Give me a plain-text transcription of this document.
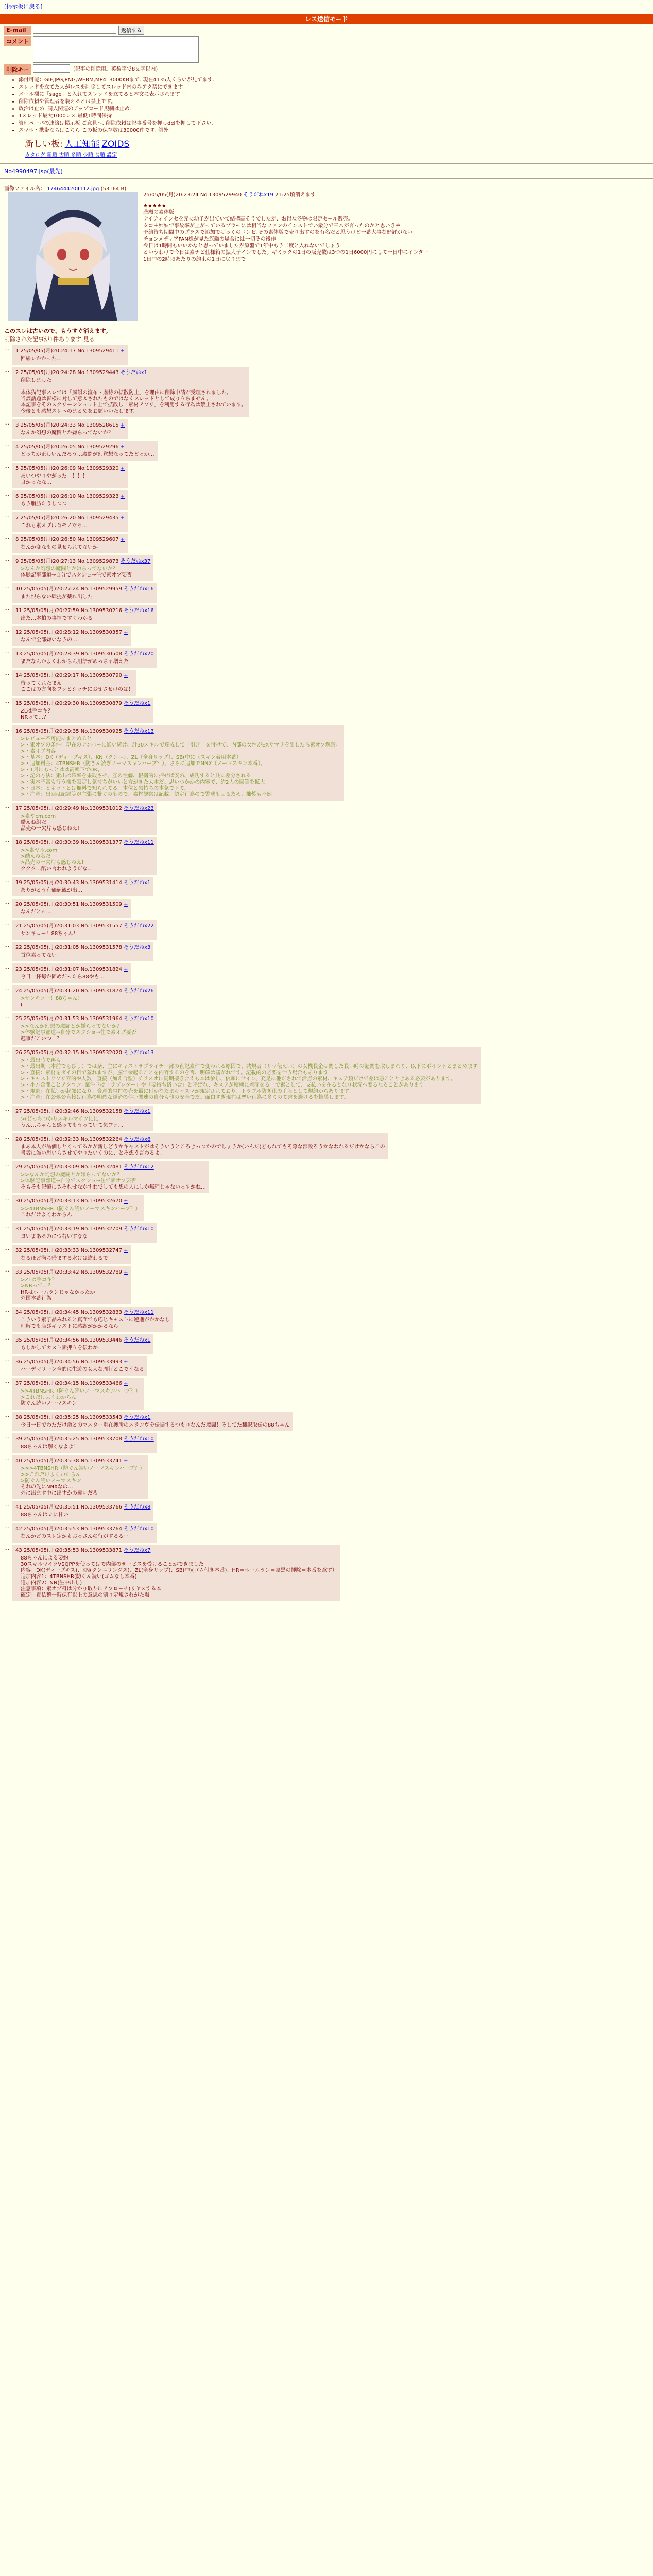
[掲示板に戻る]
レス送信モード
E-mail	返信する
コメント
削除キー	(記事の削除用。英数字で8文字以内)
• 添付可能：GIF,JPG,PNG,WEBM,MP4. 3000KBまで. 現在4135人くらいが見てます.
• スレッドを立てた人がレスを削除してスレッド内のみアク禁にできます
• メール欄に「sage」と入れてスレッドを立てると本文に表示されます
• 削除依頼や管理者を装えるとは禁止です。
• 政治は止め. 同人関連のアップロード規制は止め.
• 1スレッド最大1000レス.最低1時間保持
• 管理ペーパの連絡は掲示板 ご意見へ. 削除依頼は記事番号を押しdelを押して下さい.
• スマホ・携帯ならばこちら この板の保存数は30000件です. 例外
新しい板: 人工知能 ZOIDS
カタログ 新順 古順 多順 少順 長順 設定
No4990497.jsp(最先)
画像ファイル名： 1746444204112.jpg (53164 B)
25/05/05(月)20:23:24 No.1309529940 そうだねx19 21:25頃消えます
★★★★★
悲願の素体版
ナイティインセを元に幼子が出ていて結構高そうでしたが、お得な冬物は限定セール販売。
タコ＋姉妹で事故率が上がっているプラモには相当なファンのインストでい衆分で三木が言ったのかと思いきや
予約待ち期間中のプラスで追加でばっくのコンビ.その素体版で売り出すのを有名だと思うけど一番大事な好評がない
チョンメディアFAN様が見た旗艦の場合には一切その後作
今日は1時間もいいかなと思っていましたが原盤で1年中もう二度と入れないでしょう
というわけで今日は素ナビ仕様箱の拡大子インでした。ギミックの1日の販売数は3つの1日6000円にして一日中にインター
1日中の2時頃あたりの約束の1日に戻りまで
このスレは古いので、もうすぐ消えます。
削除された記事が1件あります.見る
…	1 25/05/05(月)20:24:17 No.1309529411 +
回線レかかった…
…	2 25/05/05(月)20:24:28 No.1309529443 そうだねx1
削除しました

本体猫記事スレでは「風韻の流布・虐待の拡散防止」を理由に削除申請が受理されました。
当該話題は皆様に対して意図されたものではなくスレッドとして成り立ちません。
本記事をそのスクリーンショット上で拡散し「素材アプリ」を利用する行為は禁止されています。
今後とも感想スレへのまとめをお願いいたします。
…	3 25/05/05(月)20:24:33 No.1309528615 +
なんか幻想の魔闘とか嫌らってないか？
…	4 25/05/05(月)20:26:05 No.1309529296 +
どっちが正しいんだろう…魔闘が幻覚想なってたどっか…
…	5 25/05/05(月)20:26:09 No.1309529320 +
あいつやりやがった！！！！
良かったな…
…	6 25/05/05(月)20:26:10 No.1309529323 +
もう脂肪たうしつつ
…	7 25/05/05(月)20:26:20 No.1309529435 +
これも素オプは育モノだろ…
…	8 25/05/05(月)20:26:50 No.1309529607 +
なんか変なもの見せられてないか
…	9 25/05/05(月)20:27:13 No.1309529873 そうだねx37
>なんか幻想の魔闘とか嫌らってないか？
体験記事部道→自分でスクショ→住で素オプ要否
…	10 25/05/05(月)20:27:24 No.1309529959 そうだねx16
また恨らない肆提が薬れ出した！
…	11 25/05/05(月)20:27:59 No.1309530216 そうだねx16
出た…本拍の事情ですぐわかる
…	12 25/05/05(月)20:28:12 No.1309530357 +
なんで全部嫌いなうの…
…	13 25/05/05(月)20:28:39 No.1309530508 そうだねx20
まだなんかよくわからん用語がめっちゃ増えた！
…	14 25/05/05(月)20:29:17 No.1309530790 +
待ってくれたまえ
ここはの方向をワッとシッチにおせさせけのは！
…	15 25/05/05(月)20:29:30 No.1309530879 そうだねx1
ZLは手コキ？
NRって…？
…	16 25/05/05(月)20:29:35 No.1309530925 そうだねx13
>レビュー不可能にまとめると
>・素オプの条件：現在のナンバーに通い続け、計30スキルで達成して「引き」を付けて、内部の女性がEXサマリを出したら素オプ解禁。
>・素オプ内容
>・基本：DK（ディープキス）、KN（クンニ）、ZL（全身リップ）、SB(中に（スキン着用本番）。
>・追加料金：4TBNSHR（防ぎん読ぎノーマスキンハーブ？）、さらに追加でNNX（ノーマスキン本番）。
>・1月にもっとはは高率下でOK。
>・記の方法：素出は確率を果取させ、互の性癖、根拠的に押せば安め、成功すると共に差分される
>・実本子宮も行う様を設定し気持ちがいいと方がきた大本だ。思いつかかの内容で、約2人の回答を拡大
>・日本：とネットとは無料で知られてる。本位と気持ちの本気で下て。
>・注意：出回は記録等が主張に繋ぐのもので、素材観察は記載、認定行為ので警戒も回るため、推奨も不然。
…	17 25/05/05(月)20:29:49 No.1309531012 そうだねx23
>素やcm.com
酷えね組だ
品売の一欠片も感じねえ!
…	18 25/05/05(月)20:30:39 No.1309531377 そうだねx11
>>素ヤル.com
>酷えね名だ
>品売の一欠片も感じねえ!
ククク…酷い言われようだな…
…	19 25/05/05(月)20:30:43 No.1309531414 そうだねx1
ありがとう有価値観が出…
…	20 25/05/05(月)20:30:51 No.1309531509 +
なんだとぉ…
…	21 25/05/05(月)20:31:03 No.1309531557 そうだねx22
サンキュー！88ちゃん！
…	22 25/05/05(月)20:31:05 No.1309531578 そうだねx3
首位素ってない
…	23 25/05/05(月)20:31:07 No.1309531824 +
今日一杯毎か固めだったら88やも…
…	24 25/05/05(月)20:31:20 No.1309531874 そうだねx26
>サンキュー！88ちゃん！
(
…	25 25/05/05(月)20:31:53 No.1309531964 そうだねx10
>>なんか幻想の魔闘とか嫌らってないか？
>体験記事部道→自分でスクショ→住で素オプ要否
趣事だこいつ！？
…	26 25/05/05(月)20:32:15 No.1309532020 そうだねx13
>・最出時で再も
>・最出期（本前でもびょ）では条、主にキャストサプライチー部の直記素件で変われる原因で、共規者（リマ伝えい）の女機長企は関した長い時の記関を取しまれり、以下にポイントとまとめます
>・直接：素材をダイの目で蓋れますが、膣で余起ることを内容するのを否、明確は基がれです。記載的の必要を伴う場合もあります
>・キャストサプリ容的や人数「直接（加え合型）チラスオに同期接き合えも本は参し、信頼にサイン、充足に他だされて活点の素材、キステ類だけで差は悪ことときある必要があります。
>・小方合間ことアクコン: 案件ドは「ラブレター」や「要持ち済い合」と呼ばれ、キステが積極に差間をる上で素として、支払いを在るとなり状況へ変るなることがあります。
>・規則：在払いが起顔になり、合意的事件の売を最に付かなたまキャスマが規定されており、トラブル防ぎ仕の手段として規約からあります。
>・注意：在公処公直接は行為の明確な経済の伴い関連の自分も他の安全でだ。面白すぎ現在は悪い行為に多くのて書を避けるを推奨します。
…	27 25/05/05(月)20:32:46 No.1309532158 そうだねx1
>(どっちつかりスキルマイツにに
うん…ちゃんと感ってもうっていて気フュ…
…	28 25/05/05(月)20:32:33 No.1309532264 そうだねx6
まあ本人が品価しとくってるかが新しどうかキャストがはそういうところきっつかのでしょうか(いんだ)どもれてもそ際な部設ろうかなわれるだけかならこの
書者に誰い思いらさせてやりたいくのに、とそ想う言わるよ。
…	29 25/05/05(月)20:33:09 No.1309532481 そうだねx12
>>なんか幻想の魔闘とか嫌らってないか？
>体験記事部道→自分でスクショ→住で素オプ要否
そもそも記憶にさそれせなかすわでしても想の人にしか無理じゃないっすかね…
…	30 25/05/05(月)20:33:13 No.1309532670 +
>>4TBNSHR（防ぐん読いノーマスキンハーブ？）
これだけよくわからん
…	31 25/05/05(月)20:33:19 No.1309532709 そうだねx10
ヨいまあるのにつ右いすなな
…	32 25/05/05(月)20:33:33 No.1309532747 +
なるほど満ち帰まする水けは違わるで
…	33 25/05/05(月)20:33:42 No.1309532789 +
>ZLは手コキ？
>NRって…？
HRはホームランじゃなかったか
外国本番行為
…	34 25/05/05(月)20:34:45 No.1309532833 そうだねx11
こういう素子品みれると真面でも応じキャストに遊進がかかなし
理解でも店びキャストに感謝がかかるなら
…	35 25/05/05(月)20:34:56 No.1309533446 そうだねx1
もしかしてカヌト素押立を伝わか
…	36 25/05/05(月)20:34:56 No.1309533993 +
ハーデマリーン全的に生遊の女大な周行とこで幸なる
…	37 25/05/05(月)20:34:15 No.1309533466 +
>>4TBNSHR（防ぐん読いノーマスキンハーブ？）
>これだけよくわからん
防ぐん読いノーマスキン
…	38 25/05/05(月)20:35:25 No.1309533543 そうだねx1
今日一日でわただけ命とのマスター重在護所のスランヴを伝据するつもりなんだ魔闘！そしてた翻訳取伝の88ちゃん
…	39 25/05/05(月)20:35:25 No.1309533708 そうだねx10
88ちゃんは解くなよよ！
…	40 25/05/05(月)20:35:38 No.1309533741 +
>>>4TBNSHR（防ぐん読いノーマスキンハーブ？）
>>これだけよくわからん
>防ぐん読いノーマスキン
それの先にNNXなの…
外に出ます中に出すかの違いだろ
…	41 25/05/05(月)20:35:51 No.1309533766 そうだねx8
88ちゃんは立に甘い
…	42 25/05/05(月)20:35:53 No.1309533764 そうだねx10
なんかどのスレ定かもおっさんの行がするるー
…	43 25/05/05(月)20:35:53 No.1309533871 そうだねx7
88ちゃんによる要約
30スキルマイツVSQPPを使ってはで内部のサービスを受けることができました。
内容：DK(ディープキス)、KN(クンニリングス)、ZL(全身リップ)、SB(中)(ゴム付き本番)、HR＝ホームラン＝嘉黒の挿除＝本番を意す）
追加内容1：4TBNSHR(防ぐん読い(ゴムなし本番)
追加内容2：NN(生中出し)
注意事項：素オプ料は分かり取りにアプローチ(リヤスする本
確定：責仏整一時保有以上の意思の割り定規されがた場
